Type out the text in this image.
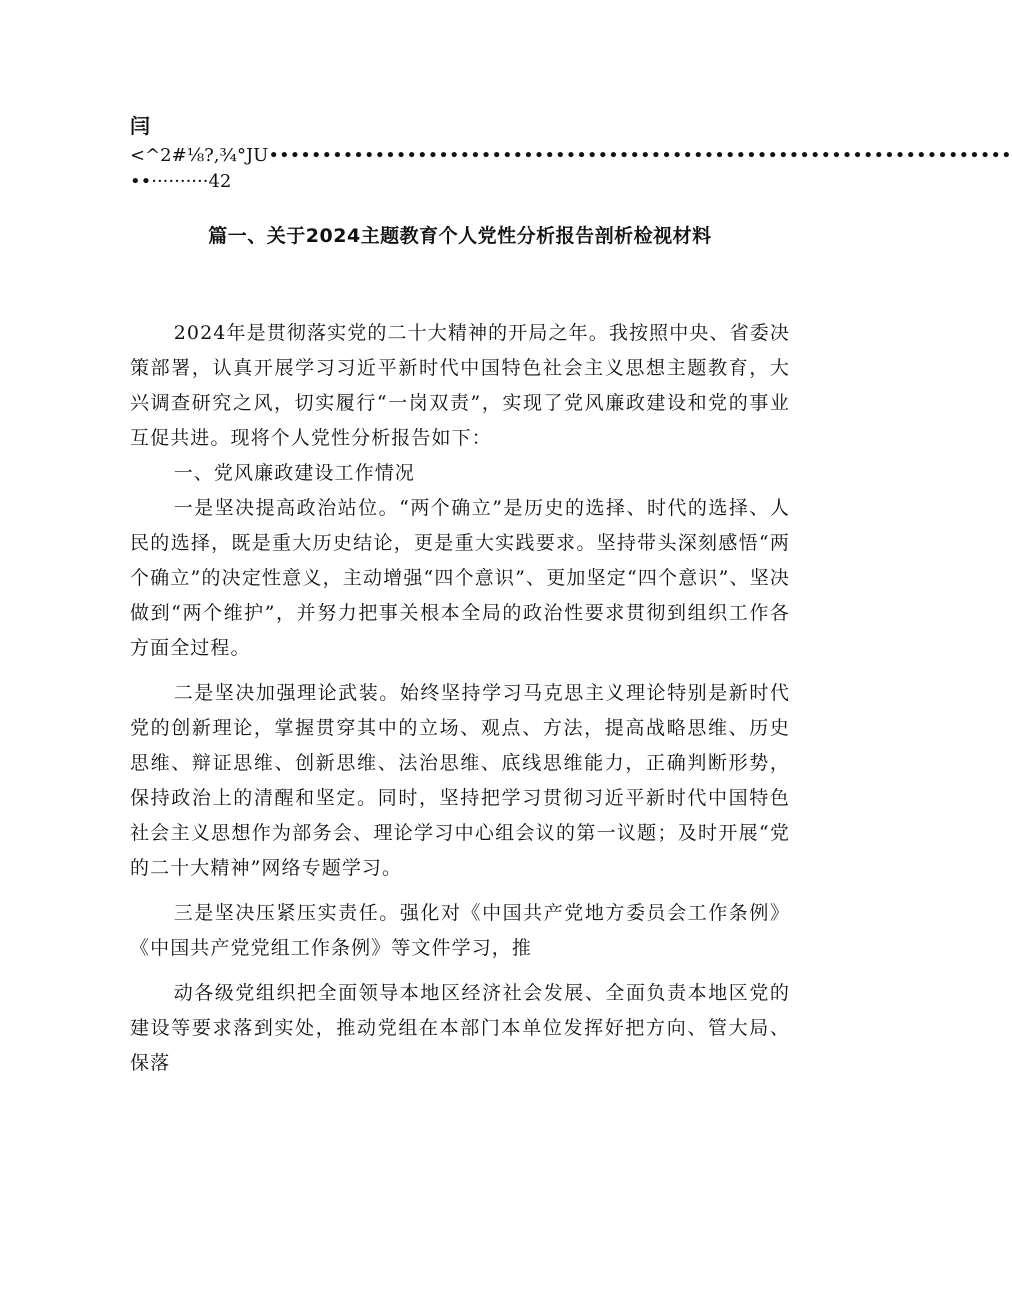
闫
<^2#⅛?,¾°JU••••••••••••••••••••••••••••••••••••••••••••••••••••••••••••••••••••••
••··········42
篇一、关于2024主题教育个人党性分析报告剖析检视材料

2024年是贯彻落实党的二十大精神的开局之年。我按照中央、省委决策部署，认真开展学习习近平新时代中国特色社会主义思想主题教育，大兴调查研究之风，切实履行“一岗双责”，实现了党风廉政建设和党的事业互促共进。现将个人党性分析报告如下：

一、党风廉政建设工作情况

一是坚决提高政治站位。“两个确立”是历史的选择、时代的选择、人民的选择，既是重大历史结论，更是重大实践要求。坚持带头深刻感悟“两个确立”的决定性意义，主动增强“四个意识”、更加坚定“四个意识”、坚决做到“两个维护”，并努力把事关根本全局的政治性要求贯彻到组织工作各方面全过程。

二是坚决加强理论武装。始终坚持学习马克思主义理论特别是新时代党的创新理论，掌握贯穿其中的立场、观点、方法，提高战略思维、历史思维、辩证思维、创新思维、法治思维、底线思维能力，正确判断形势，保持政治上的清醒和坚定。同时，坚持把学习贯彻习近平新时代中国特色社会主义思想作为部务会、理论学习中心组会议的第一议题；及时开展“党的二十大精神”网络专题学习。

三是坚决压紧压实责任。强化对《中国共产党地方委员会工作条例》《中国共产党党组工作条例》等文件学习，推

动各级党组织把全面领导本地区经济社会发展、全面负责本地区党的建设等要求落到实处，推动党组在本部门本单位发挥好把方向、管大局、保落
